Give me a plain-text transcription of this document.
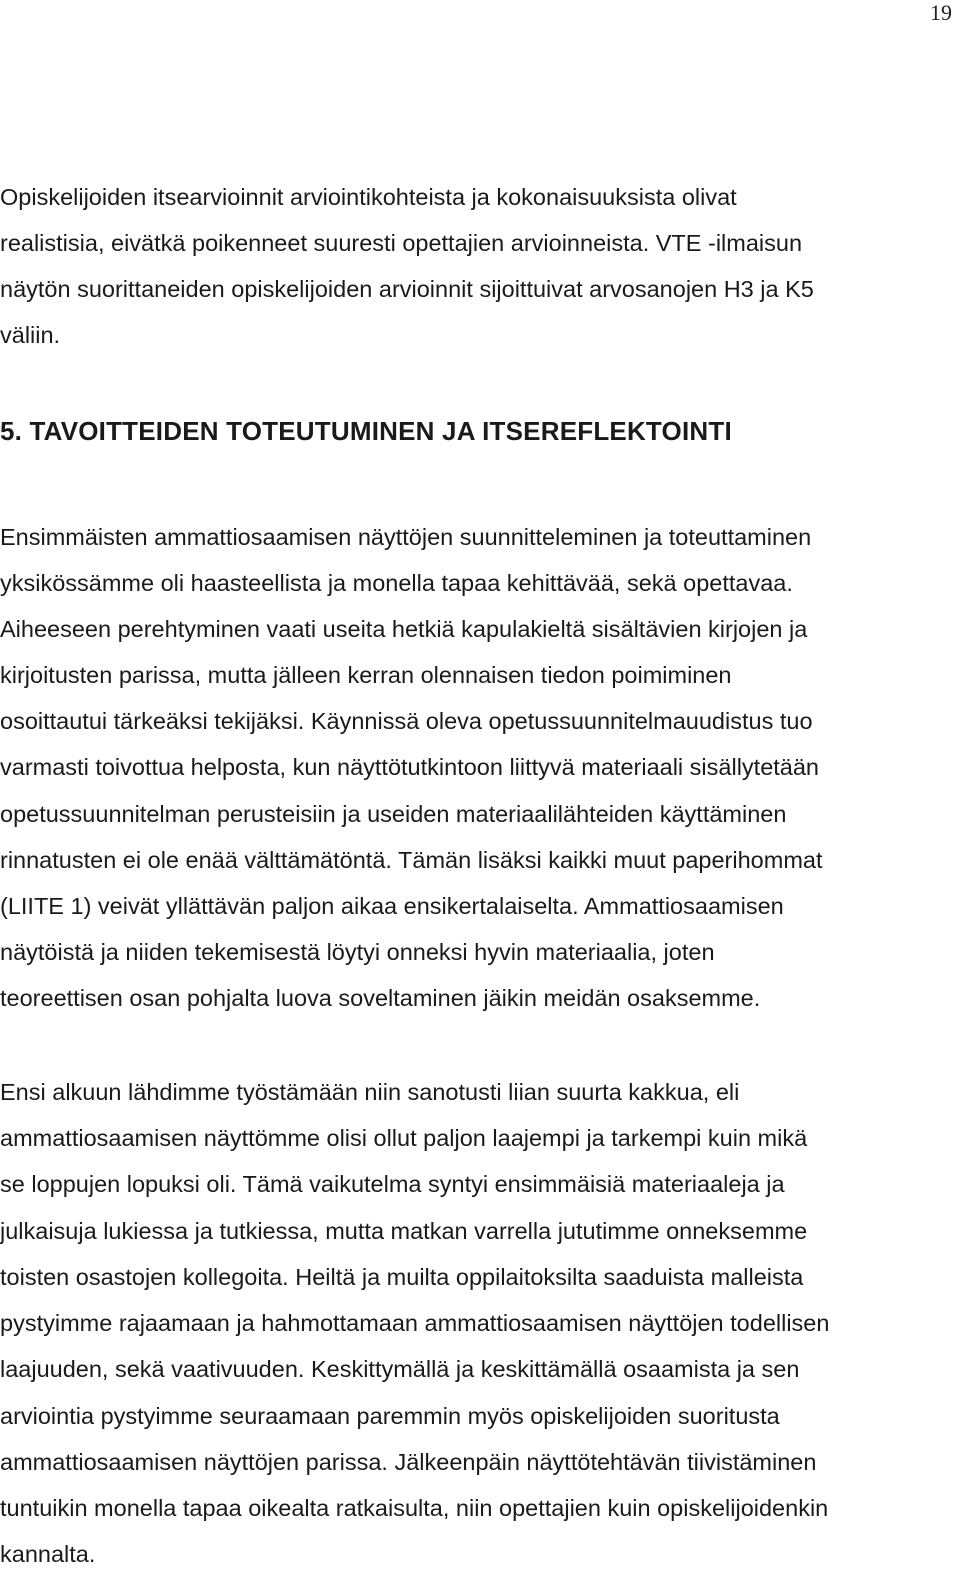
19
Opiskelijoiden itsearvioinnit arviointikohteista ja kokonaisuuksista olivat
realistisia, eivätkä poikenneet suuresti opettajien arvioinneista. VTE -ilmaisun
näytön suorittaneiden opiskelijoiden arvioinnit sijoittuivat arvosanojen H3 ja K5
väliin.
5. TAVOITTEIDEN TOTEUTUMINEN JA ITSEREFLEKTOINTI
Ensimmäisten ammattiosaamisen näyttöjen suunnitteleminen ja toteuttaminen
yksikössämme oli haasteellista ja monella tapaa kehittävää, sekä opettavaa.
Aiheeseen perehtyminen vaati useita hetkiä kapulakieltä sisältävien kirjojen ja
kirjoitusten parissa, mutta jälleen kerran olennaisen tiedon poimiminen
osoittautui tärkeäksi tekijäksi. Käynnissä oleva opetussuunnitelmauudistus tuo
varmasti toivottua helposta, kun näyttötutkintoon liittyvä materiaali sisällytetään
opetussuunnitelman perusteisiin ja useiden materiaalilähteiden käyttäminen
rinnatusten ei ole enää välttämätöntä. Tämän lisäksi kaikki muut paperihommat
(LIITE 1) veivät yllättävän paljon aikaa ensikertalaiselta. Ammattiosaamisen
näytöistä ja niiden tekemisestä löytyi onneksi hyvin materiaalia, joten
teoreettisen osan pohjalta luova soveltaminen jäikin meidän osaksemme.
Ensi alkuun lähdimme työstämään niin sanotusti liian suurta kakkua, eli
ammattiosaamisen näyttömme olisi ollut paljon laajempi ja tarkempi kuin mikä
se loppujen lopuksi oli. Tämä vaikutelma syntyi ensimmäisiä materiaaleja ja
julkaisuja lukiessa ja tutkiessa, mutta matkan varrella jututimme onneksemme
toisten osastojen kollegoita. Heiltä ja muilta oppilaitoksilta saaduista malleista
pystyimme rajaamaan ja hahmottamaan ammattiosaamisen näyttöjen todellisen
laajuuden, sekä vaativuuden. Keskittymällä ja keskittämällä osaamista ja sen
arviointia pystyimme seuraamaan paremmin myös opiskelijoiden suoritusta
ammattiosaamisen näyttöjen parissa. Jälkeenpäin näyttötehtävän tiivistäminen
tuntuikin monella tapaa oikealta ratkaisulta, niin opettajien kuin opiskelijoidenkin
kannalta.
